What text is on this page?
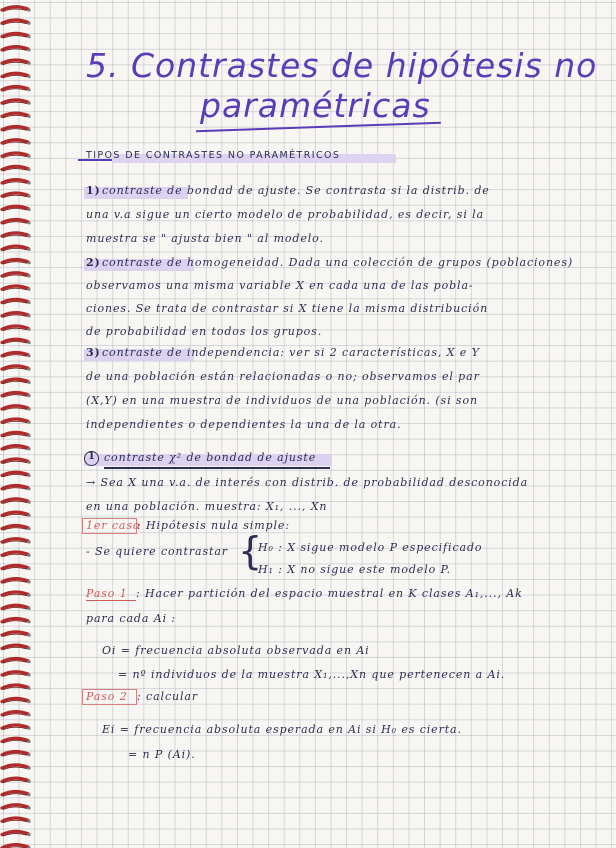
5. Contrastes de hipótesis no
paramétricas
TIPOS DE CONTRASTES NO PARAMÉTRICOS
1) contraste de bondad de ajuste. Se contrasta si la distrib. de
una v.a sigue un cierto modelo de probabilidad, es decir, si la
muestra se " ajusta bien " al modelo.
2) contraste de homogeneidad. Dada una colección de grupos (poblaciones)
observamos una misma variable X en cada una de las pobla-
ciones. Se trata de contrastar si X tiene la misma distribución
de probabilidad en todos los grupos.
3) contraste de independencia: ver si 2 características, X e Y
de una población están relacionadas o no; observamos el par
(X,Y) en una muestra de individuos de una población. (si son
independientes o dependientes la una de la otra.
1 contraste χ² de bondad de ajuste
→ Sea X una v.a. de interés con distrib. de probabilidad desconocida
en una población. muestra: X₁, ..., Xn
1er caso
: Hipótesis nula simple:
- Se quiere contrastar {
H₀ : X sigue modelo P especificado
H₁ : X no sigue este modelo P.
Paso 1 : Hacer partición del espacio muestral en K clases A₁,..., Ak
para cada Ai :
Oi = frecuencia absoluta observada en Ai
= nº individuos de la muestra X₁,...,Xn que pertenecen a Ai.
Paso 2 : calcular
Ei = frecuencia absoluta esperada en Ai si H₀ es cierta.
= n P (Ai).
